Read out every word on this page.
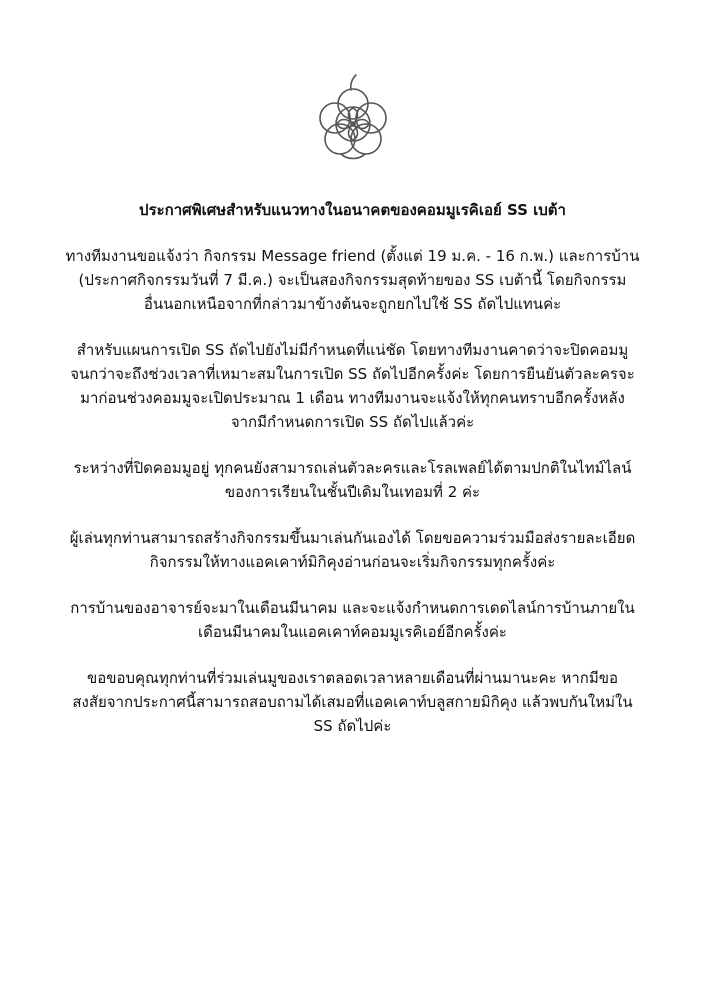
ประกาศพิเศษสำหรับแนวทางในอนาคตของคอมมูเรคิเอย์ SS เบต้า

ทางทีมงานขอแจ้งว่า กิจกรรม Message friend (ตั้งแต่ 19 ม.ค. - 16 ก.พ.) และการบ้าน
(ประกาศกิจกรรมวันที่ 7 มี.ค.) จะเป็นสองกิจกรรมสุดท้ายของ SS เบต้านี้ โดยกิจกรรม
อื่นนอกเหนือจากที่กล่าวมาข้างต้นจะถูกยกไปใช้ SS ถัดไปแทนค่ะ
สำหรับแผนการเปิด SS ถัดไปยังไม่มีกำหนดที่แน่ชัด โดยทางทีมงานคาดว่าจะปิดคอมมู
จนกว่าจะถึงช่วงเวลาที่เหมาะสมในการเปิด SS ถัดไปอีกครั้งค่ะ โดยการยืนยันตัวละครจะ
มาก่อนช่วงคอมมูจะเปิดประมาณ 1 เดือน ทางทีมงานจะแจ้งให้ทุกคนทราบอีกครั้งหลัง
จากมีกำหนดการเปิด SS ถัดไปแล้วค่ะ
ระหว่างที่ปิดคอมมูอยู่ ทุกคนยังสามารถเล่นตัวละครและโรลเพลย์ได้ตามปกติในไทม์ไลน์
ของการเรียนในชั้นปีเดิมในเทอมที่ 2 ค่ะ
ผู้เล่นทุกท่านสามารถสร้างกิจกรรมขึ้นมาเล่นกันเองได้ โดยขอความร่วมมือส่งรายละเอียด
กิจกรรมให้ทางแอคเคาท์มิกิคุงอ่านก่อนจะเริ่มกิจกรรมทุกครั้งค่ะ
การบ้านของอาจารย์จะมาในเดือนมีนาคม และจะแจ้งกำหนดการเดดไลน์การบ้านภายใน
เดือนมีนาคมในแอคเคาท์คอมมูเรคิเอย์อีกครั้งค่ะ
ขอขอบคุณทุกท่านที่ร่วมเล่นมูของเราตลอดเวลาหลายเดือนที่ผ่านมานะคะ หากมีขอ
สงสัยจากประกาศนี้สามารถสอบถามได้เสมอที่แอคเคาท์บลูสกายมิกิคุง แล้วพบกันใหม่ใน
SS ถัดไปค่ะ
